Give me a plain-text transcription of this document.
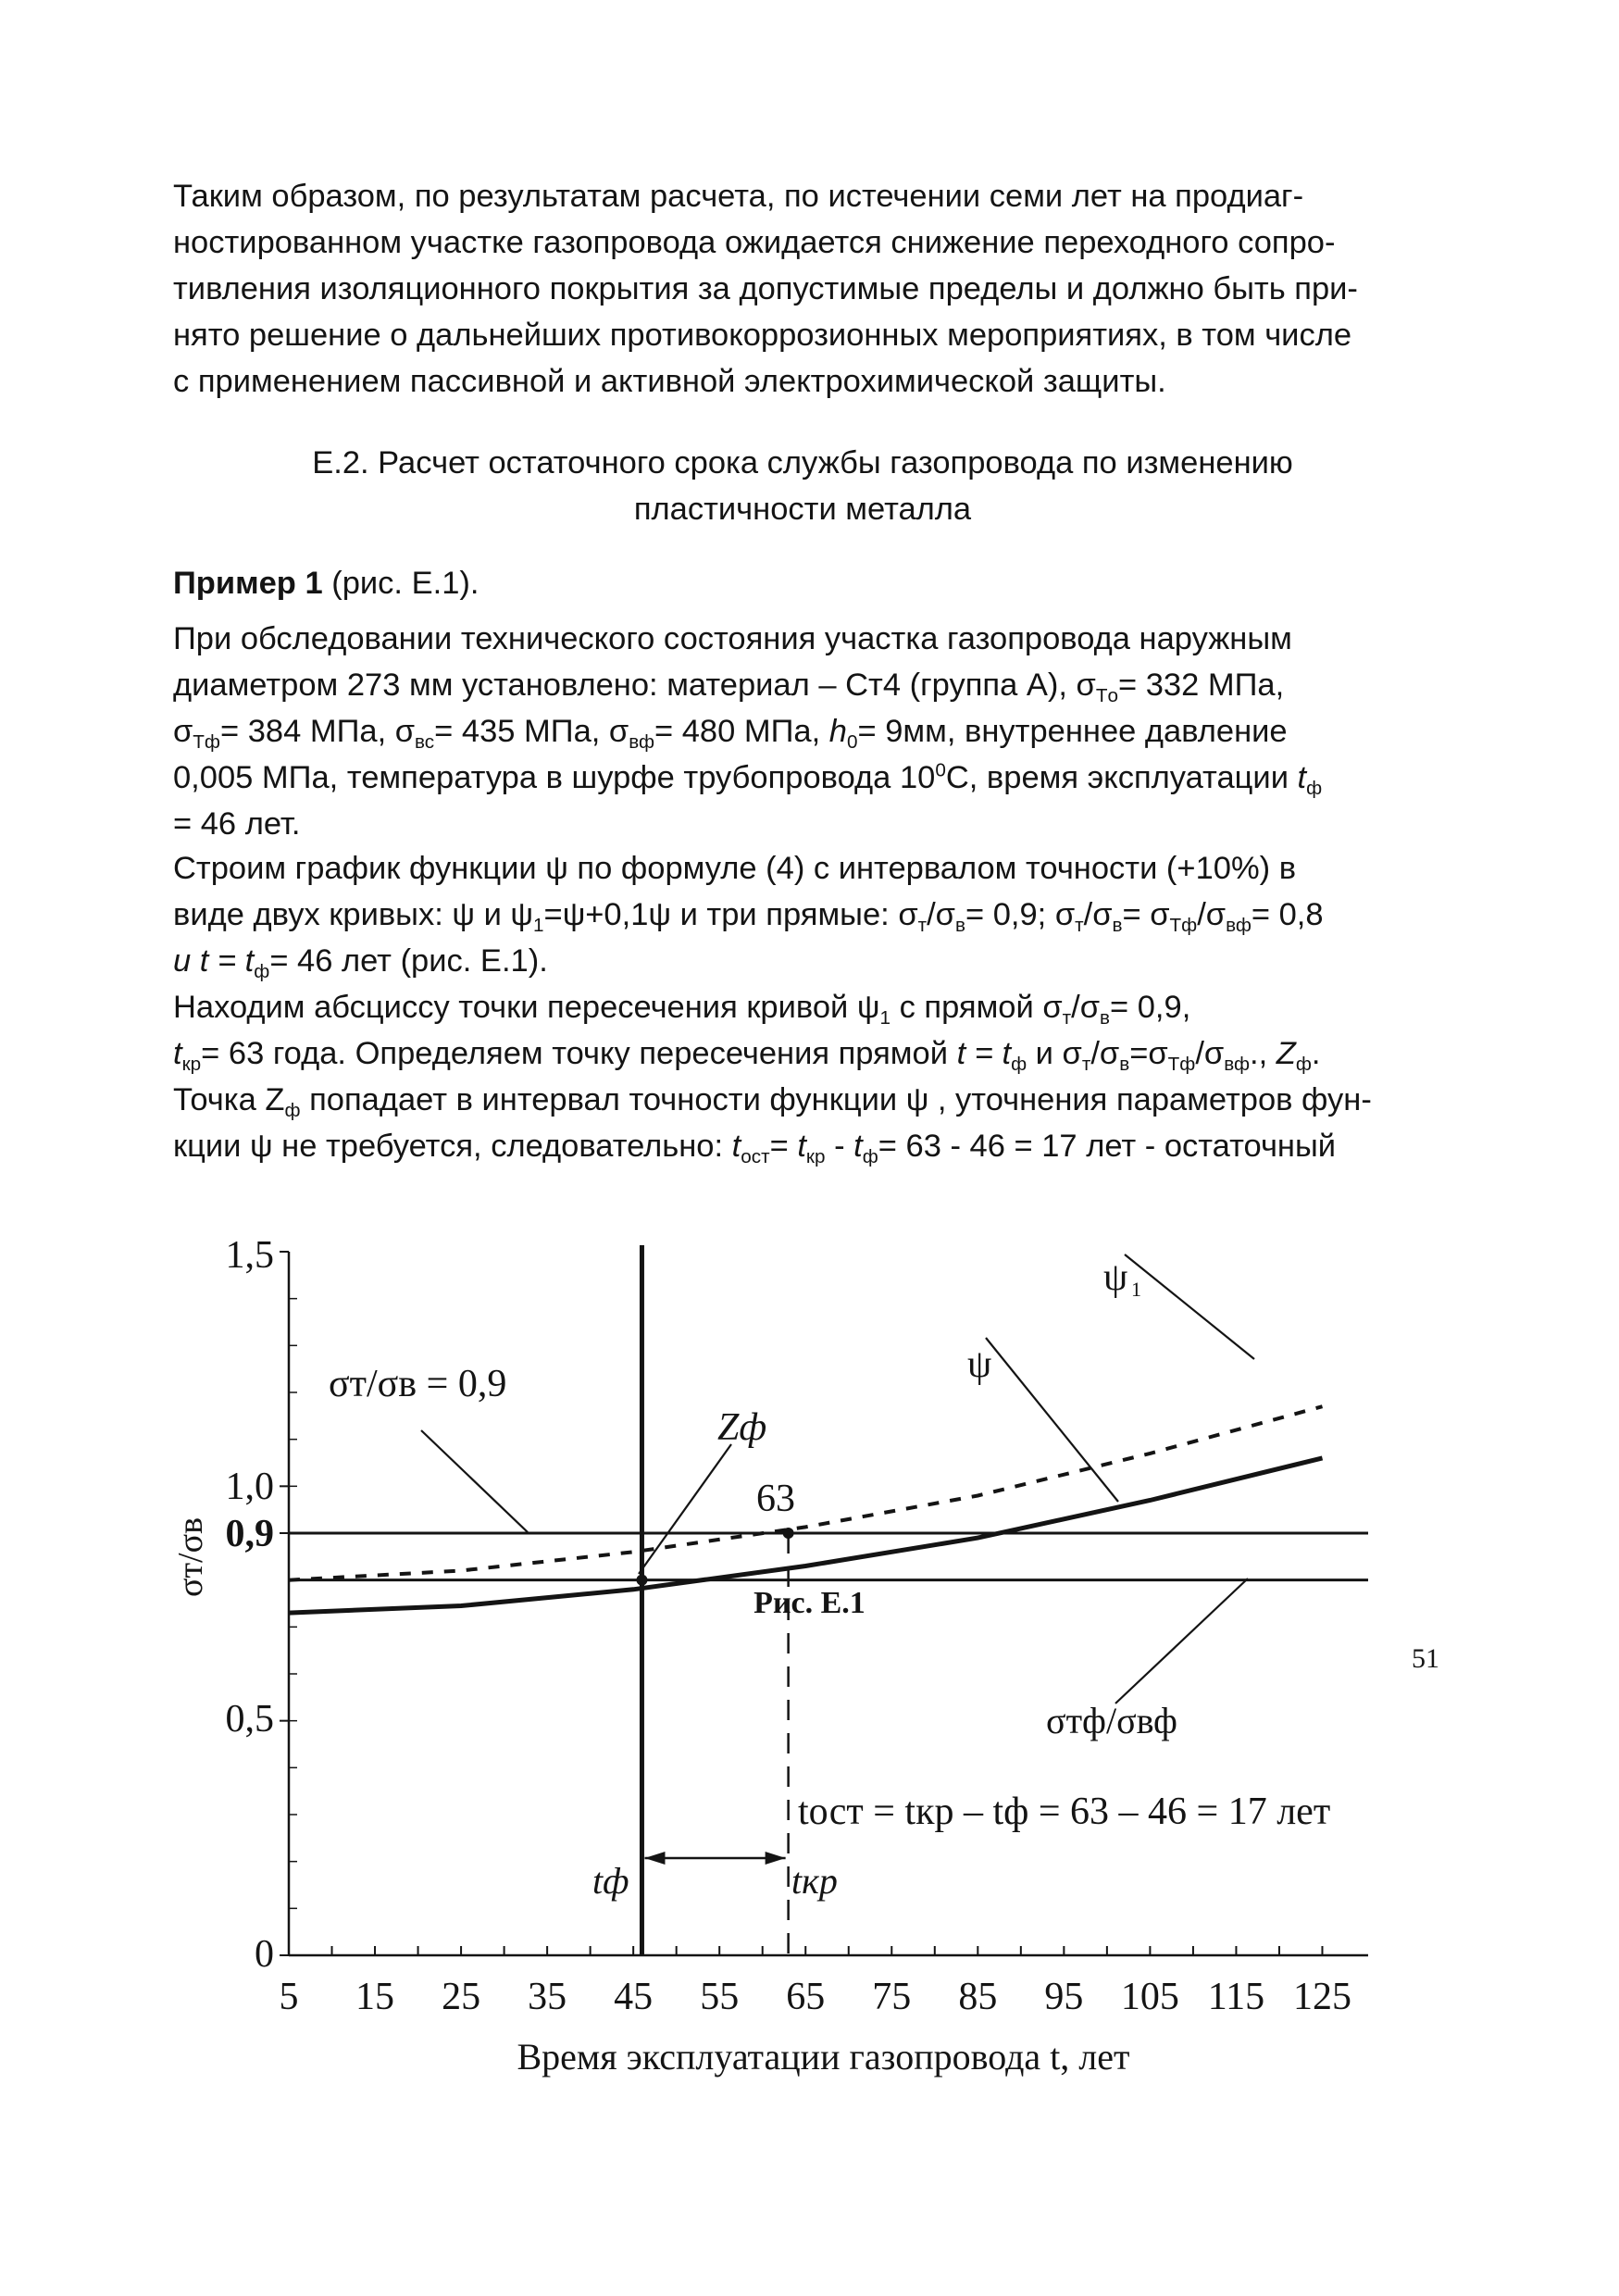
Таким образом, по результатам расчета, по истечении семи лет на продиаг-
ностированном участке газопровода ожидается снижение переходного сопро-
тивления изоляционного покрытия за допустимые пределы и должно быть при-
нято решение о дальнейших противокоррозионных мероприятиях, в том числе
с применением пассивной и активной электрохимической защиты.
Е.2. Расчет остаточного срока службы газопровода по изменению
пластичности металла
Пример 1 (рис. Е.1).
При обследовании технического состояния участка газопровода наружным
диаметром 273 мм установлено: материал – Ст4 (группа А), $\sigma_{Тo}= 332$ МПа,
$\sigma_{Тф}= 384$ МПа, $\sigma_{вс}= 435$ МПа, $\sigma_{вф}= 480$ МПа, $h_0= 9мм$, внутреннее давление
0,005 МПа, температура в шурфе трубопровода $10^0С$, время эксплуатации $t_ф$
= 46 лет.
Строим график функции ψ по формуле (4) с интервалом точности (+10%) в
виде двух кривых: ψ и $\psi_1=\psi+0,1\psi$ и три прямые: $\sigma_т/\sigma_в= 0,9$; $\sigma_т/\sigma_в= \sigma_{Тф}/\sigma_{вф}= 0,8$
и $t = t_ф= 46$ лет (рис. Е.1).
Находим абсциссу точки пересечения кривой $\psi_1$ с прямой $\sigma_т/\sigma_в= 0,9$,
$t_{кр}= 63$ года. Определяем точку пересечения прямой $t = t_ф$ и $\sigma_т/\sigma_в=\sigma_{Тф}/\sigma_{вф}$., $Z_ф$.
Точка $Z_ф$ попадает в интервал точности функции ψ , уточнения параметров фун-
кции ψ не требуется, следовательно: $t_{ост}= t_{кр} - t_ф= 63 - 46 = 17$ лет - остаточный
5 15 25 35 45 55 65 75 85 95 105 115 125
1,5
1,0
0,9
0,5
0
σт/σв
Время эксплуатации газопровода t, лет
ψ
ψ
1
σт/σв = 0,9
σтф/σвф
Zф
63
tф	tкр
tост = tкр – tф = 63 – 46 = 17 лет
Рис. Е.1
51
